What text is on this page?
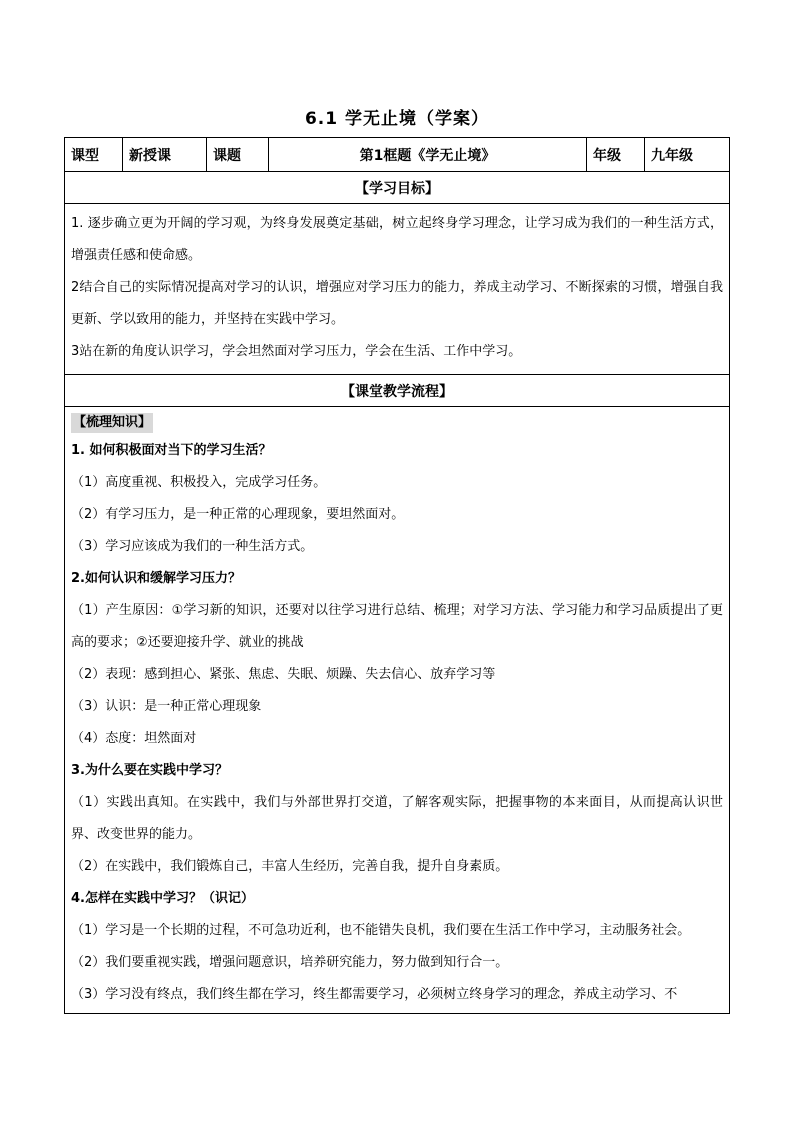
6.1 学无止境（学案）
课型	新授课	课题	第1框题《学无止境》	年级	九年级
【学习目标】

1. 逐步确立更为开阔的学习观，为终身发展奠定基础，树立起终身学习理念，让学习成为我们的一种生活方式，增强责任感和使命感。

2结合自己的实际情况提高对学习的认识，增强应对学习压力的能力，养成主动学习、不断探索的习惯，增强自我更新、学以致用的能力，并坚持在实践中学习。

3站在新的角度认识学习，学会坦然面对学习压力，学会在生活、工作中学习。

【课堂教学流程】
【梳理知识】

1. 如何积极面对当下的学习生活？

（1）高度重视、积极投入，完成学习任务。

（2）有学习压力，是一种正常的心理现象，要坦然面对。

（3）学习应该成为我们的一种生活方式。

2.如何认识和缓解学习压力？

（1）产生原因：①学习新的知识，还要对以往学习进行总结、梳理；对学习方法、学习能力和学习品质提出了更高的要求；②还要迎接升学、就业的挑战

（2）表现：感到担心、紧张、焦虑、失眠、烦躁、失去信心、放弃学习等

（3）认识：是一种正常心理现象

（4）态度：坦然面对

3.为什么要在实践中学习？

（1）实践出真知。在实践中，我们与外部世界打交道，了解客观实际，把握事物的本来面目，从而提高认识世界、改变世界的能力。

（2）在实践中，我们锻炼自己，丰富人生经历，完善自我，提升自身素质。

4.怎样在实践中学习？（识记）

（1）学习是一个长期的过程，不可急功近利，也不能错失良机，我们要在生活工作中学习，主动服务社会。

（2）我们要重视实践，增强问题意识，培养研究能力，努力做到知行合一。

（3）学习没有终点，我们终生都在学习，终生都需要学习，必须树立终身学习的理念，养成主动学习、不
